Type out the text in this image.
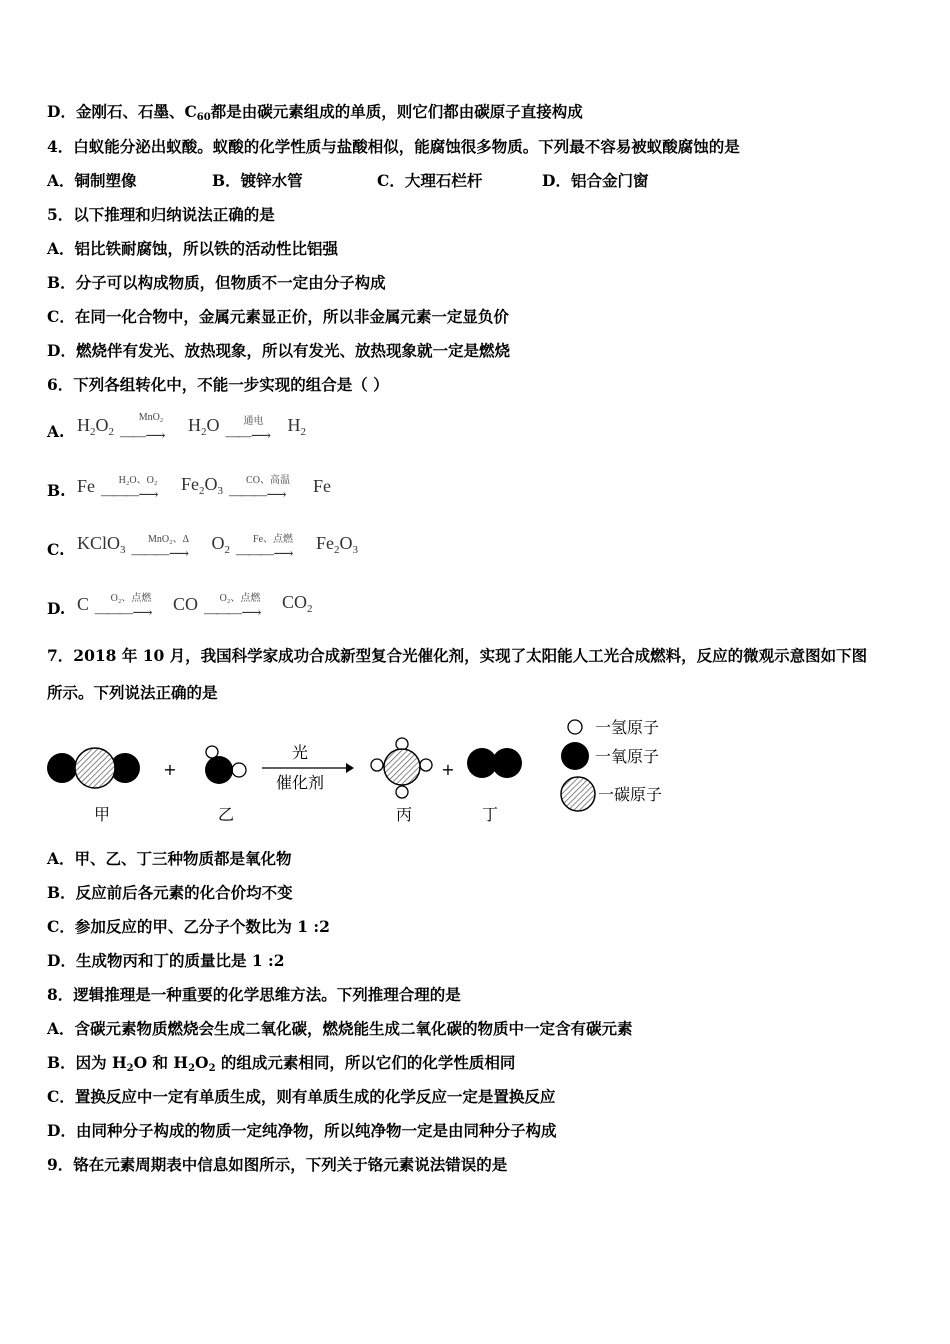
D．金刚石、石墨、$C_{60}$都是由碳元素组成的单质，则它们都由碳原子直接构成
4．白蚁能分泌出蚁酸。蚁酸的化学性质与盐酸相似，能腐蚀很多物质。下列最不容易被蚁酸腐蚀的是
A．铜制塑像	B．镀锌水管	C．大理石栏杆	D．铝合金门窗
5．以下推理和归纳说法正确的是
A．铝比铁耐腐蚀，所以铁的活动性比铝强
B．分子可以构成物质，但物质不一定由分子构成
C．在同一化合物中，金属元素显正价，所以非金属元素一定显负价
D．燃烧伴有发光、放热现象，所以有发光、放热现象就一定是燃烧
6．下列各组转化中，不能一步实现的组合是（ ）
A. $H_2O_2$
MnO₂
—— ⟶
$H_2O$	通电
—— ⟶
$H_2$
B. Fe	H₂O、O₂
——— ⟶
$Fe_2O_3$
CO、高温
——— ⟶	Fe
C. KClO$_3$
MnO₂、Δ
——— ⟶
$O_2$
Fe、点燃
——— ⟶
$Fe_2O_3$
D. C	O₂、点燃
——— ⟶	CO	O₂、点燃
——— ⟶
$CO_2$
7．2018 年 10 月，我国科学家成功合成新型复合光催化剂，实现了太阳能人工光合成燃料，反应的微观示意图如下图
所示。下列说法正确的是
+
光
催化剂
+
甲	乙	丙	丁
一氢原子
一氧原子
一碳原子
A．甲、乙、丁三种物质都是氧化物
B．反应前后各元素的化合价均不变
C．参加反应的甲、乙分子个数比为 1 :2
D．生成物丙和丁的质量比是 1 :2
8．逻辑推理是一种重要的化学思维方法。下列推理合理的是
A．含碳元素物质燃烧会生成二氧化碳，燃烧能生成二氧化碳的物质中一定含有碳元素
B．因为 $H_2O$ 和 $H_2O_2$ 的组成元素相同，所以它们的化学性质相同
C．置换反应中一定有单质生成，则有单质生成的化学反应一定是置换反应
D．由同种分子构成的物质一定纯净物，所以纯净物一定是由同种分子构成
9．铬在元素周期表中信息如图所示，下列关于铬元素说法错误的是
